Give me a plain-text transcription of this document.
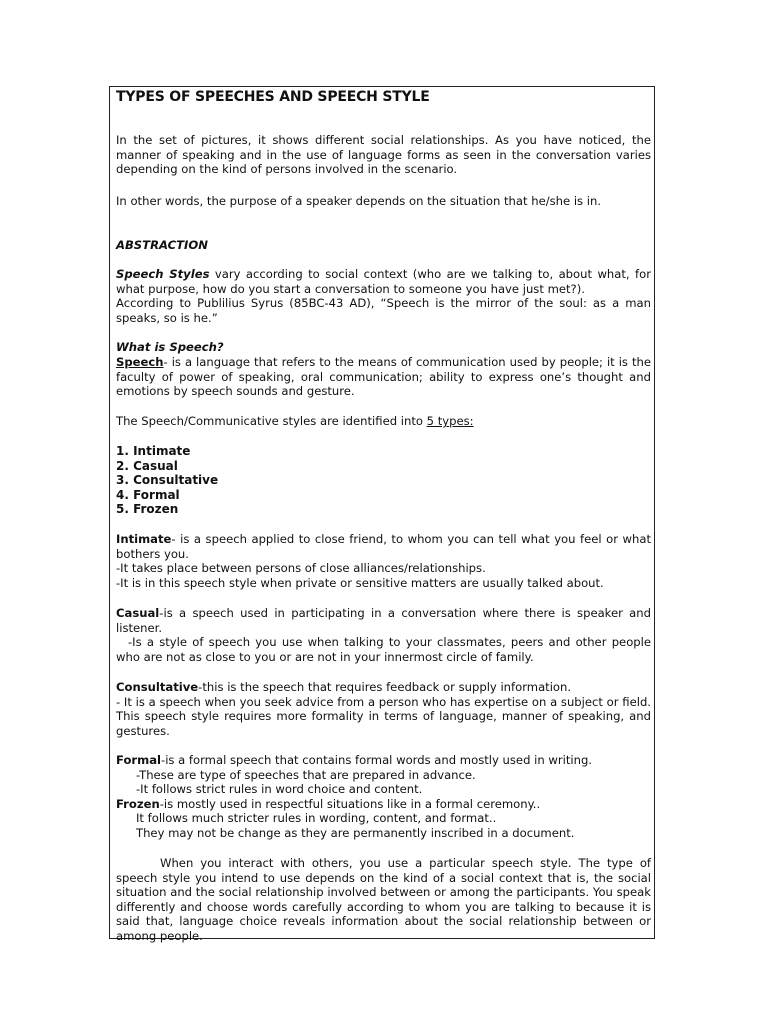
TYPES OF SPEECHES AND SPEECH STYLE

In the set of pictures, it shows different social relationships. As you have noticed, the manner of speaking and in the use of language forms as seen in the conversation varies depending on the kind of persons involved in the scenario.

In other words, the purpose of a speaker depends on the situation that he/she is in.

ABSTRACTION

Speech Styles vary according to social context (who are we talking to, about what, for what purpose, how do you start a conversation to someone you have just met?).
According to Publilius Syrus (85BC-43 AD), “Speech is the mirror of the soul: as a man speaks, so is he.”

What is Speech?

Speech- is a language that refers to the means of communication used by people; it is the faculty of power of speaking, oral communication; ability to express one’s thought and emotions by speech sounds and gesture.

The Speech/Communicative styles are identified into 5 types:

1. Intimate
2. Casual
3. Consultative
4. Formal
5. Frozen

Intimate- is a speech applied to close friend, to whom you can tell what you feel or what bothers you.
-It takes place between persons of close alliances/relationships.
-It is in this speech style when private or sensitive matters are usually talked about.

Casual-is a speech used in participating in a conversation where there is speaker and listener.
-Is a style of speech you use when talking to your classmates, peers and other people who are not as close to you or are not in your innermost circle of family.

Consultative-this is the speech that requires feedback or supply information.
- It is a speech when you seek advice from a person who has expertise on a subject or field. This speech style requires more formality in terms of language, manner of speaking, and gestures.

Formal-is a formal speech that contains formal words and mostly used in writing.
-These are type of speeches that are prepared in advance.
-It follows strict rules in word choice and content.
Frozen-is mostly used in respectful situations like in a formal ceremony..
It follows much stricter rules in wording, content, and format..
They may not be change as they are permanently inscribed in a document.

When you interact with others, you use a particular speech style. The type of speech style you intend to use depends on the kind of a social context that is, the social situation and the social relationship involved between or among the participants. You speak differently and choose words carefully according to whom you are talking to because it is said that, language choice reveals information about the social relationship between or among people.
